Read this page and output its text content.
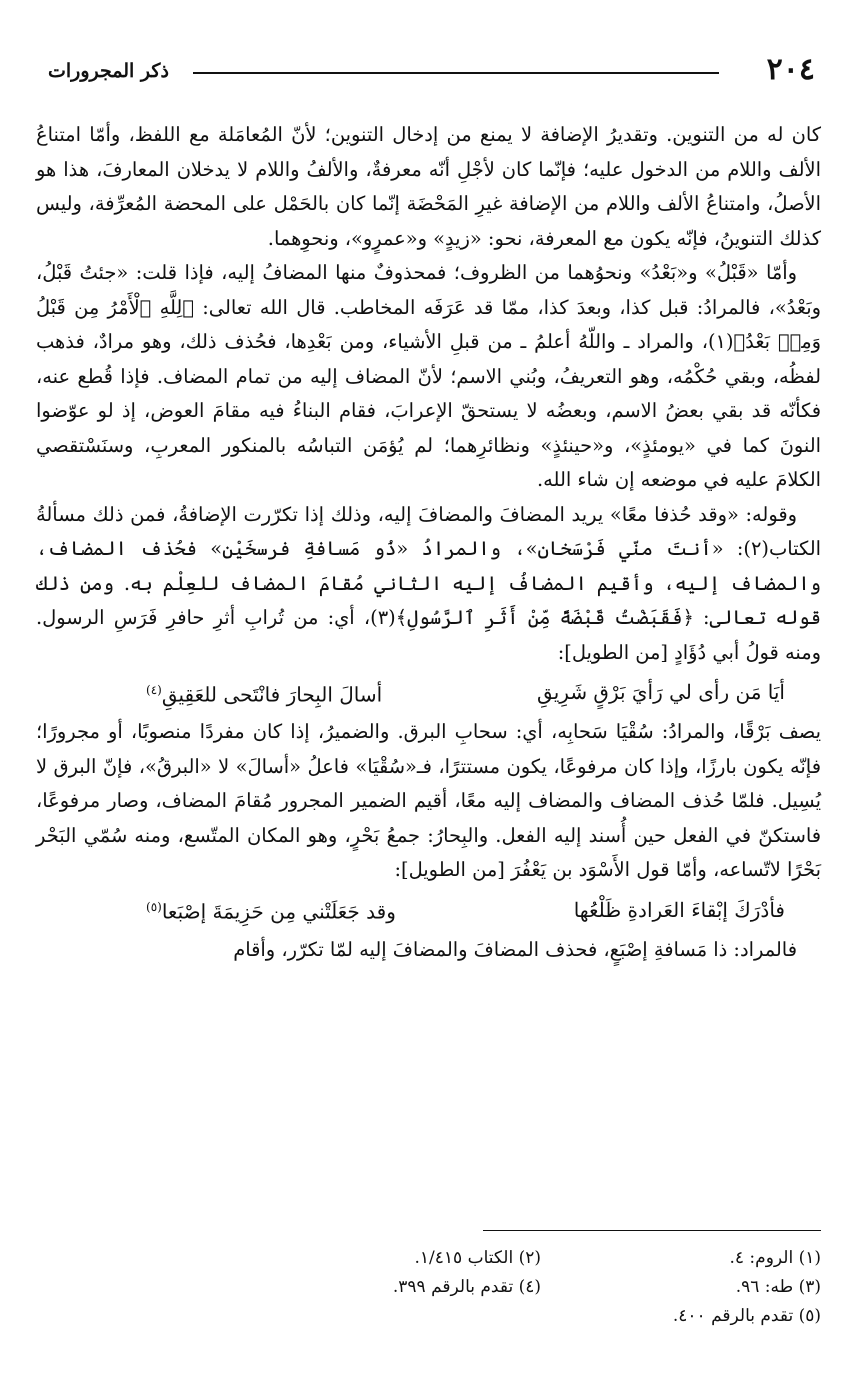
٢٠٤
ذكر المجرورات

كان له من التنوين. وتقديرُ الإضافة لا يمنع من إدخال التنوين؛ لأنّ المُعامَلة مع اللفظ، وأمّا امتناعُ الألف واللام من الدخول عليه؛ فإنّما كان لأجْلِ أنّه معرفةٌ، والألفُ واللام لا يدخلان المعارفَ، هذا هو الأصلُ، وامتناعُ الألف واللام من الإضافة غيرِ المَحْضَة إنّما كان بالحَمْل على المحضة المُعرِّفة، وليس كذلك التنوينُ، فإنّه يكون مع المعرفة، نحو: «زيدٍ» و«عمرٍو»، ونحوِهما.

وأمّا «قَبْلُ» و«بَعْدُ» ونحوُهما من الظروف؛ فمحذوفٌ منها المضافُ إليه، فإذا قلت: «جئتُ قَبْلُ، وبَعْدُ»، فالمرادُ: قبل كذا، وبعدَ كذا، ممّا قد عَرَفَه المخاطب. قال الله تعالى: ﴿لِلَّهِ ٱلْأَمْرُ مِن قَبْلُ وَمِنۢ بَعْدُ﴾(١)، والمراد ـ واللّهُ أعلمُ ـ من قبلِ الأشياء، ومن بَعْدِها، فحُذف ذلك، وهو مرادٌ، فذهب لفظُه، وبقي حُكْمُه، وهو التعريفُ، وبُني الاسم؛ لأنّ المضاف إليه من تمام المضاف. فإذا قُطع عنه، فكأنّه قد بقي بعضُ الاسم، وبعضُه لا يستحقّ الإعرابَ، فقام البناءُ فيه مقامَ العوض، إذ لو عوّضوا النونَ كما في «يومئذٍ»، و«حينئذٍ» ونظائرِهما؛ لم يُؤمَن التباسُه بالمنكور المعربِ، وسنَسْتقصي الكلامَ عليه في موضعه إن شاء الله.

وقوله: «وقد حُذفا معًا» يريد المضافَ والمضافَ إليه، وذلك إذا تكرّرت الإضافةُ، فمن ذلك مسألةُ الكتاب(٢): «أنتَ منّي فَرْسَخان»، والمرادُ «ذُو مَسافةِ فرسخَيْن» فحُذف المضاف، والمضاف إليه، وأقيم المضافُ إليه الثاني مُقامَ المضاف للعِلْم به. ومن ذلك قوله تعالى: ﴿فَقَبَضْتُ قَبْضَةً مِّنْ أَثَرِ ٱلرَّسُولِ﴾(٣)، أي: من تُرابِ أثرِ حافرِ فَرَسِ الرسول. ومنه قولُ أبي دُؤَادٍ [من الطويل]:

أيَا مَن رأى لي رَأيَ بَرْقٍ شَرِيقِ
أسالَ البِحارَ فانْتَحى للعَقِيقِ$^{(٤)}$

يصف بَرْقًا، والمرادُ: سُقْيَا سَحابِه، أي: سحابِ البرق. والضميرُ، إذا كان مفردًا منصوبًا، أو مجرورًا؛ فإنّه يكون بارزًا، وإذا كان مرفوعًا، يكون مستترًا، فـ«سُقْيَا» فاعلُ «أسالَ» لا «البرقُ»، فإنّ البرق لا يُسِيل. فلمّا حُذف المضاف والمضاف إليه معًا، أقيم الضمير المجرور مُقامَ المضاف، وصار مرفوعًا، فاستكنّ في الفعل حين أُسند إليه الفعل. والبِحارُ: جمعُ بَحْرٍ، وهو المكان المتّسع، ومنه سُمّي البَحْر بَحْرًا لاتّساعه، وأمّا قول الأَسْوَد بن يَعْفُرَ [من الطويل]:

فأدْرَكَ إبْقاءَ العَرادةِ ظَلْعُها
وقد جَعَلَتْني مِن حَزِيمَةَ إصْبَعا$^{(٥)}$

فالمراد: ذا مَسافةِ إصْبَعٍ، فحذف المضافَ والمضافَ إليه لمّا تكرّر، وأقام

(١) الروم: ٤.
(٢) الكتاب ١/٤١٥.
(٣) طه: ٩٦.
(٤) تقدم بالرقم ٣٩٩.
(٥) تقدم بالرقم ٤٠٠.
